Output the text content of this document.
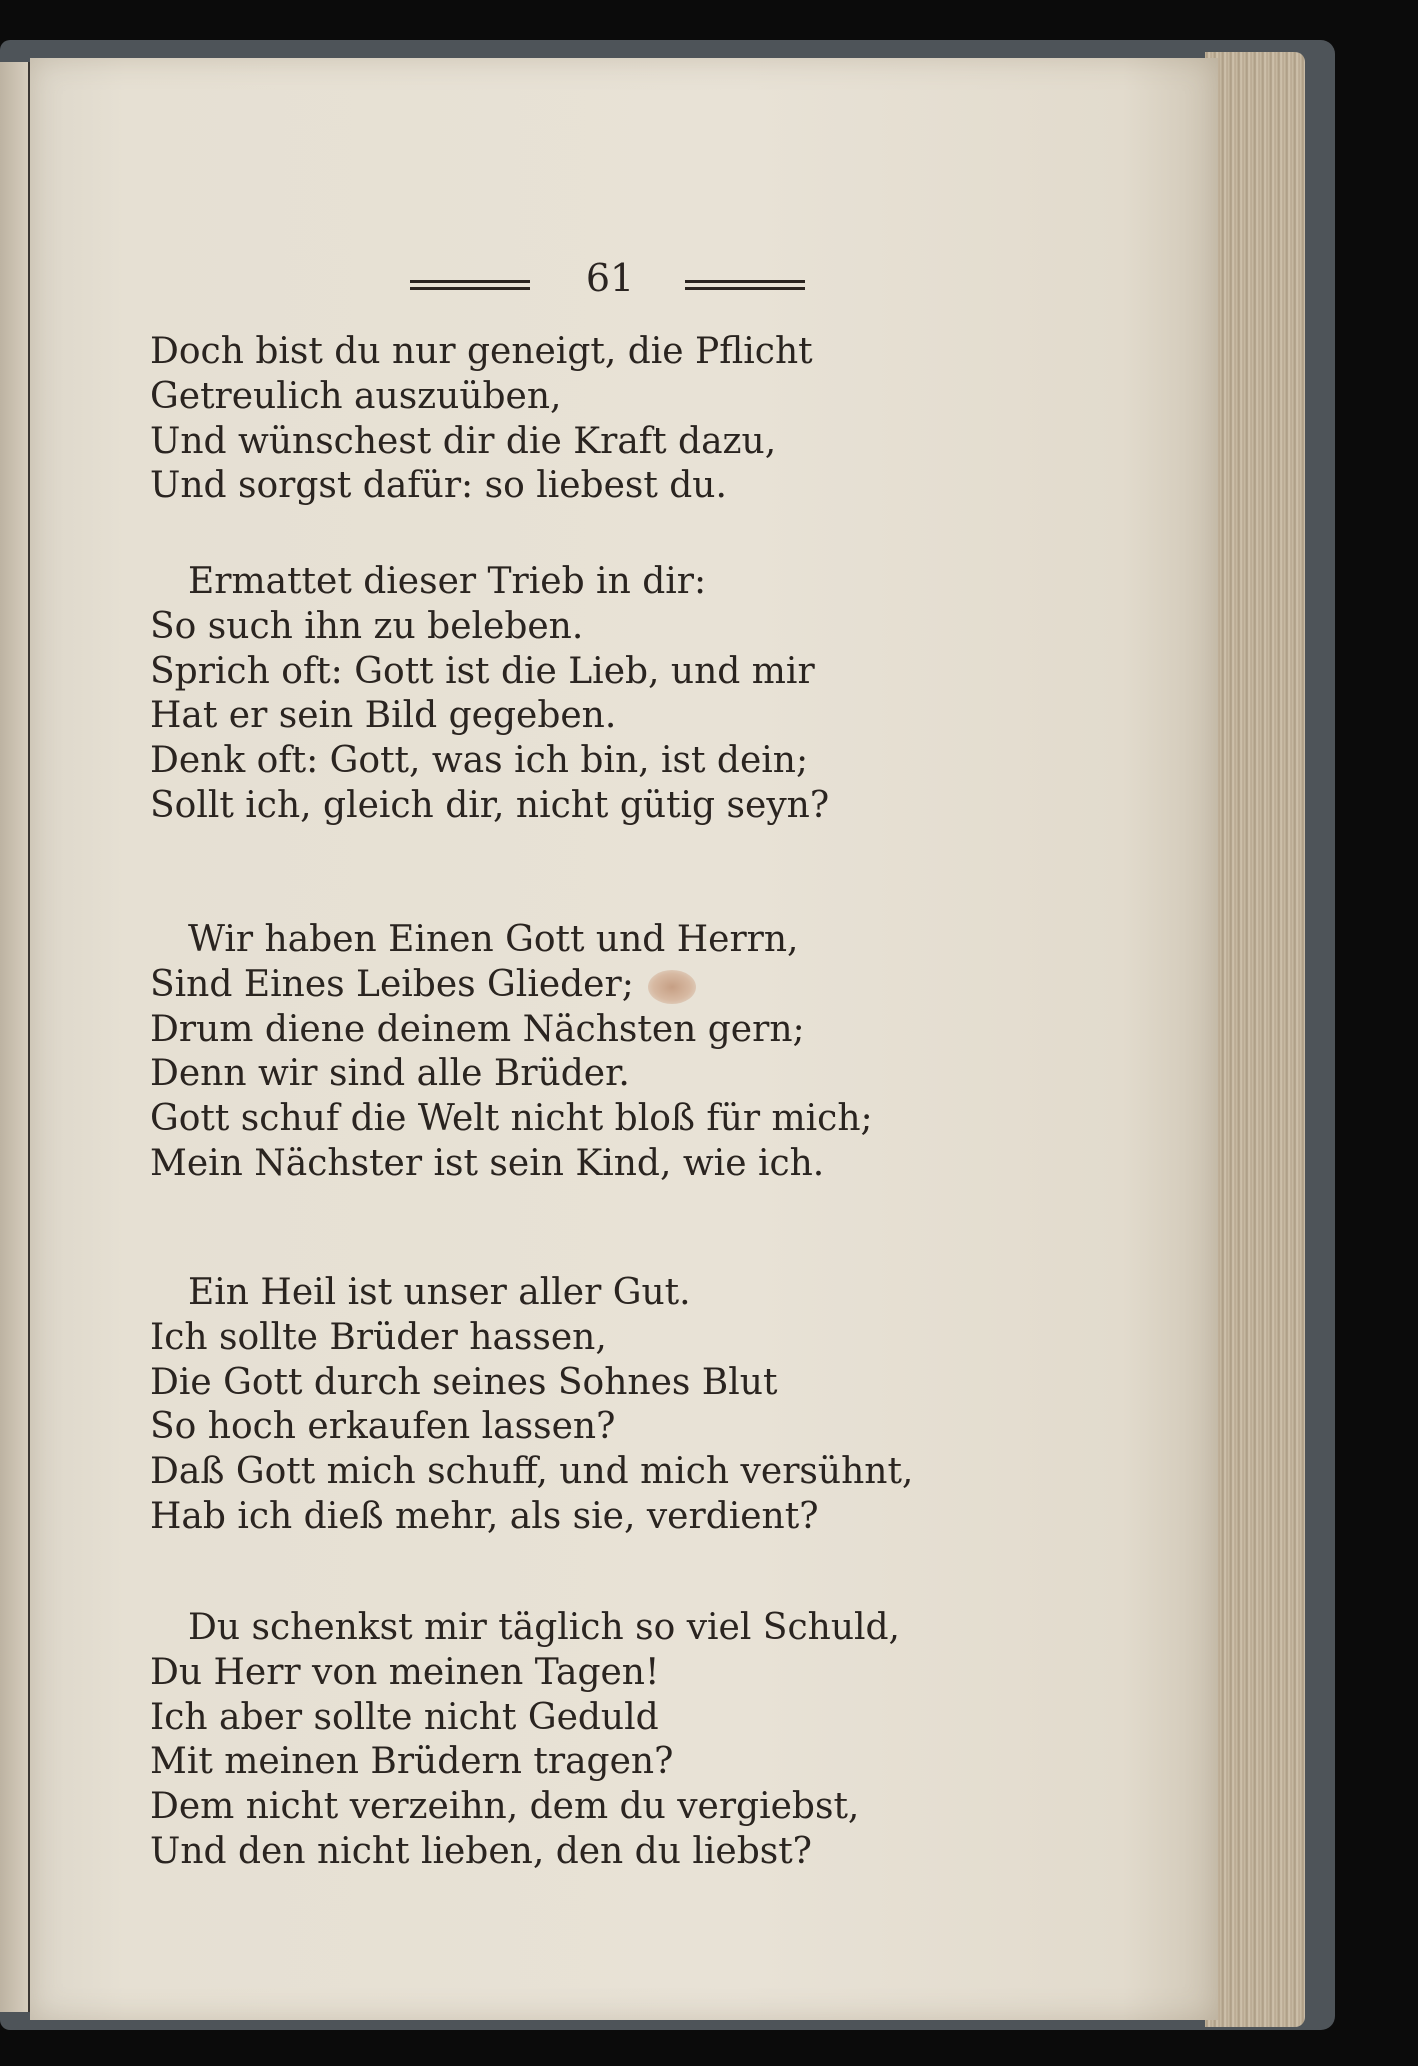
61
Doch bist du nur geneigt, die Pflicht
Getreulich auszuüben,
Und wünschest dir die Kraft dazu,
Und sorgst dafür: so liebest du.
Ermattet dieser Trieb in dir:
So such ihn zu beleben.
Sprich oft: Gott ist die Lieb, und mir
Hat er sein Bild gegeben.
Denk oft: Gott, was ich bin, ist dein;
Sollt ich, gleich dir, nicht gütig seyn?
Wir haben Einen Gott und Herrn,
Sind Eines Leibes Glieder;
Drum diene deinem Nächsten gern;
Denn wir sind alle Brüder.
Gott schuf die Welt nicht bloß für mich;
Mein Nächster ist sein Kind, wie ich.
Ein Heil ist unser aller Gut.
Ich sollte Brüder hassen,
Die Gott durch seines Sohnes Blut
So hoch erkaufen lassen?
Daß Gott mich schuff, und mich versühnt,
Hab ich dieß mehr, als sie, verdient?
Du schenkst mir täglich so viel Schuld,
Du Herr von meinen Tagen!
Ich aber sollte nicht Geduld
Mit meinen Brüdern tragen?
Dem nicht verzeihn, dem du vergiebst,
Und den nicht lieben, den du liebst?
